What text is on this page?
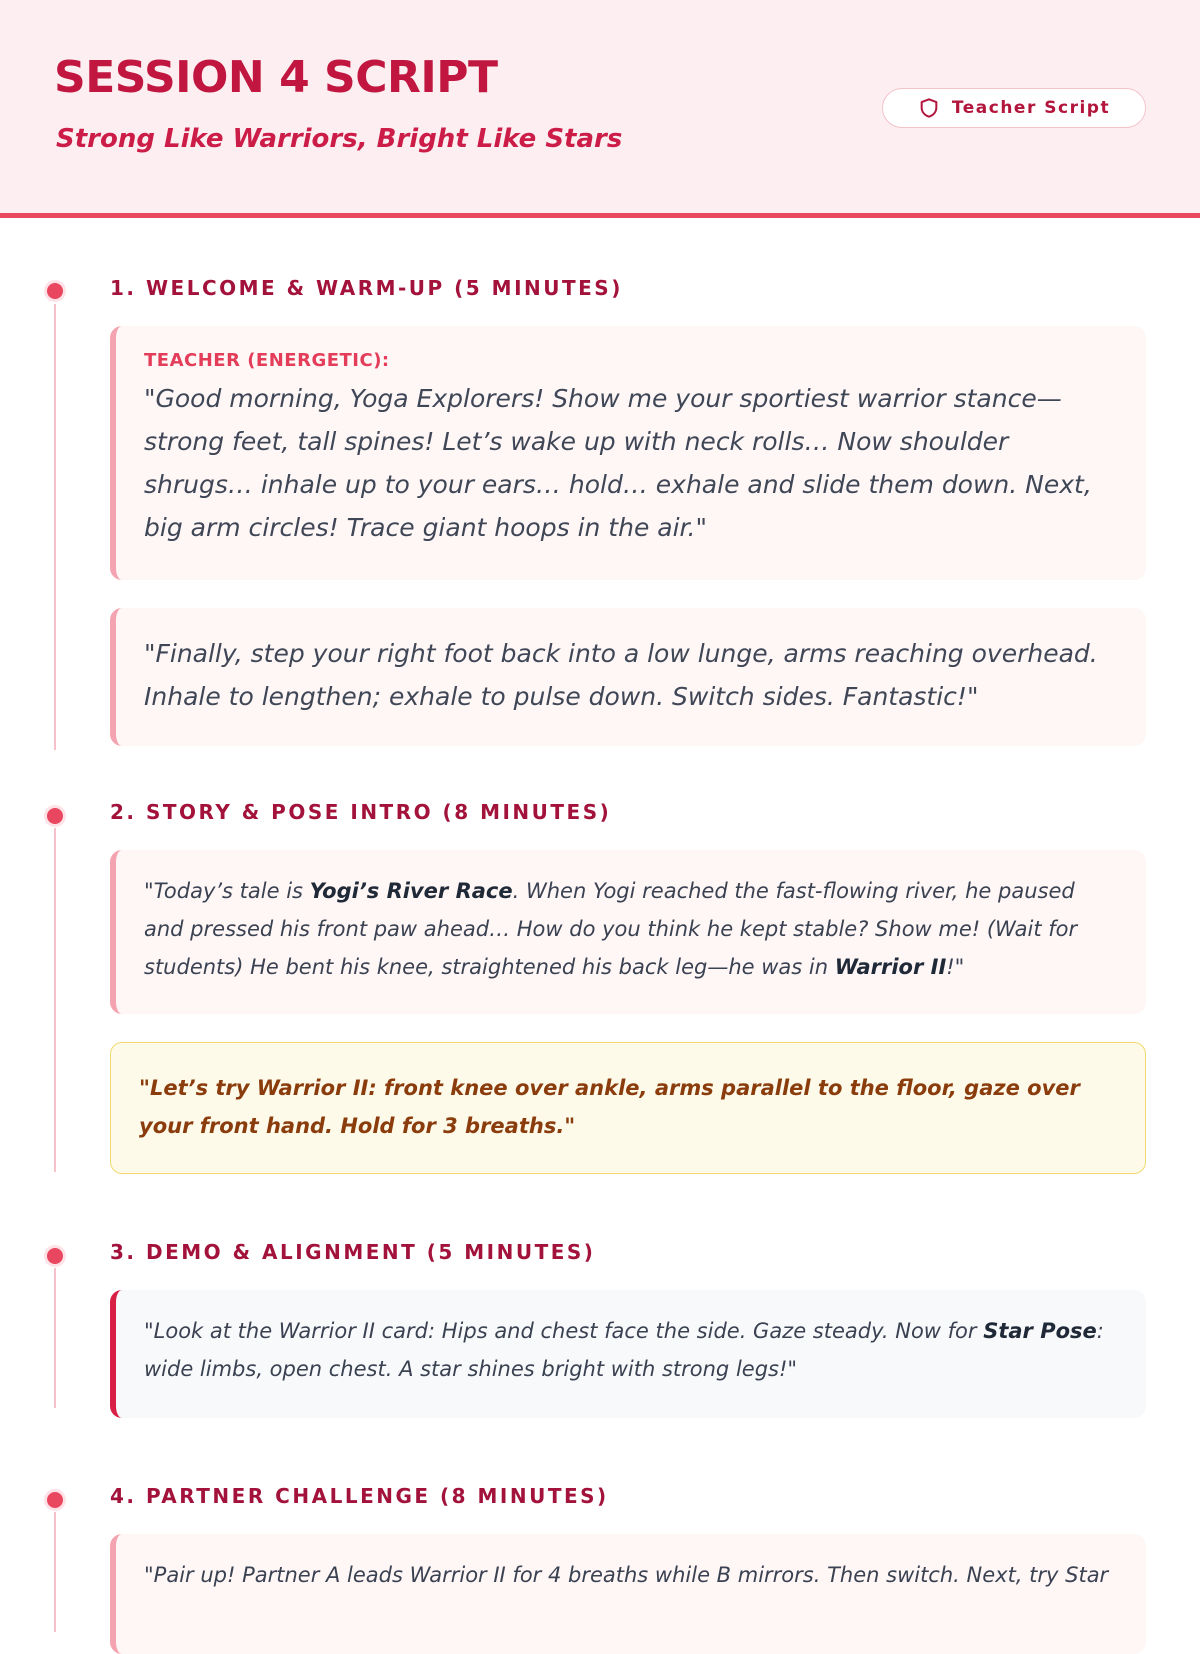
SESSION 4 SCRIPT
Strong Like Warriors, Bright Like Stars
Teacher Script
1. WELCOME & WARM-UP (5 MINUTES)
TEACHER (ENERGETIC):

"Good morning, Yoga Explorers! Show me your sportiest warrior stance—strong feet, tall spines! Let’s wake up with neck rolls… Now shoulder shrugs… inhale up to your ears… hold… exhale and slide them down. Next, big arm circles! Trace giant hoops in the air."

"Finally, step your right foot back into a low lunge, arms reaching overhead. Inhale to lengthen; exhale to pulse down. Switch sides. Fantastic!"

2. STORY & POSE INTRO (8 MINUTES)

"Today’s tale is Yogi’s River Race. When Yogi reached the fast-flowing river, he paused and pressed his front paw ahead… How do you think he kept stable? Show me! (Wait for students) He bent his knee, straightened his back leg—he was in Warrior II!"

"Let’s try Warrior II: front knee over ankle, arms parallel to the floor, gaze over your front hand. Hold for 3 breaths."

3. DEMO & ALIGNMENT (5 MINUTES)

"Look at the Warrior II card: Hips and chest face the side. Gaze steady. Now for Star Pose: wide limbs, open chest. A star shines bright with strong legs!"

4. PARTNER CHALLENGE (8 MINUTES)

"Pair up! Partner A leads Warrior II for 4 breaths while B mirrors. Then switch. Next, try Star
